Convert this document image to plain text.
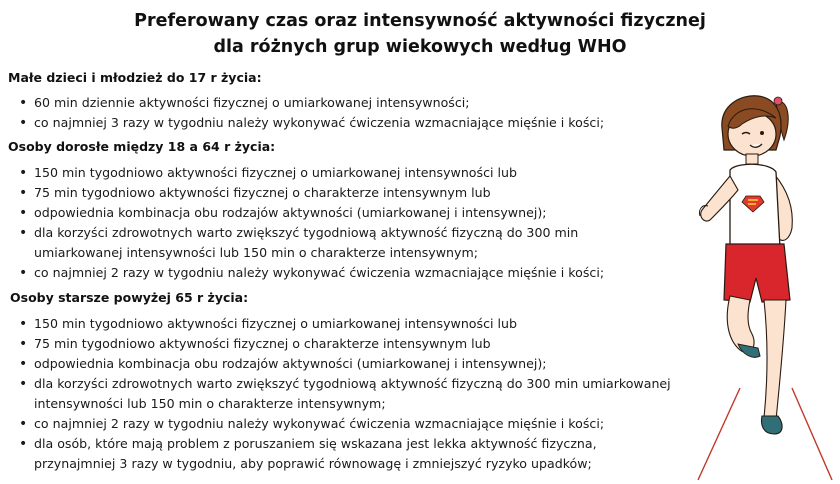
Preferowany czas oraz intensywność aktywności fizycznej
dla różnych grup wiekowych według WHO
Małe dzieci i młodzież do 17 r życia:
• 60 min dziennie aktywności fizycznej o umiarkowanej intensywności;
• co najmniej 3 razy w tygodniu należy wykonywać ćwiczenia wzmacniające mięśnie i kości;
Osoby dorosłe między 18 a 64 r życia:
• 150 min tygodniowo aktywności fizycznej o umiarkowanej intensywności lub
• 75 min tygodniowo aktywności fizycznej o charakterze intensywnym lub
• odpowiednia kombinacja obu rodzajów aktywności (umiarkowanej i intensywnej);
• dla korzyści zdrowotnych warto zwiększyć tygodniową aktywność fizyczną do 300 min
umiarkowanej intensywności lub 150 min o charakterze intensywnym;
• co najmniej 2 razy w tygodniu należy wykonywać ćwiczenia wzmacniające mięśnie i kości;
Osoby starsze powyżej 65 r życia:
• 150 min tygodniowo aktywności fizycznej o umiarkowanej intensywności lub
• 75 min tygodniowo aktywności fizycznej o charakterze intensywnym lub
• odpowiednia kombinacja obu rodzajów aktywności (umiarkowanej i intensywnej);
• dla korzyści zdrowotnych warto zwiększyć tygodniową aktywność fizyczną do 300 min umiarkowanej
intensywności lub 150 min o charakterze intensywnym;
• co najmniej 2 razy w tygodniu należy wykonywać ćwiczenia wzmacniające mięśnie i kości;
• dla osób, które mają problem z poruszaniem się wskazana jest lekka aktywność fizyczna,
przynajmniej 3 razy w tygodniu, aby poprawić równowagę i zmniejszyć ryzyko upadków;
